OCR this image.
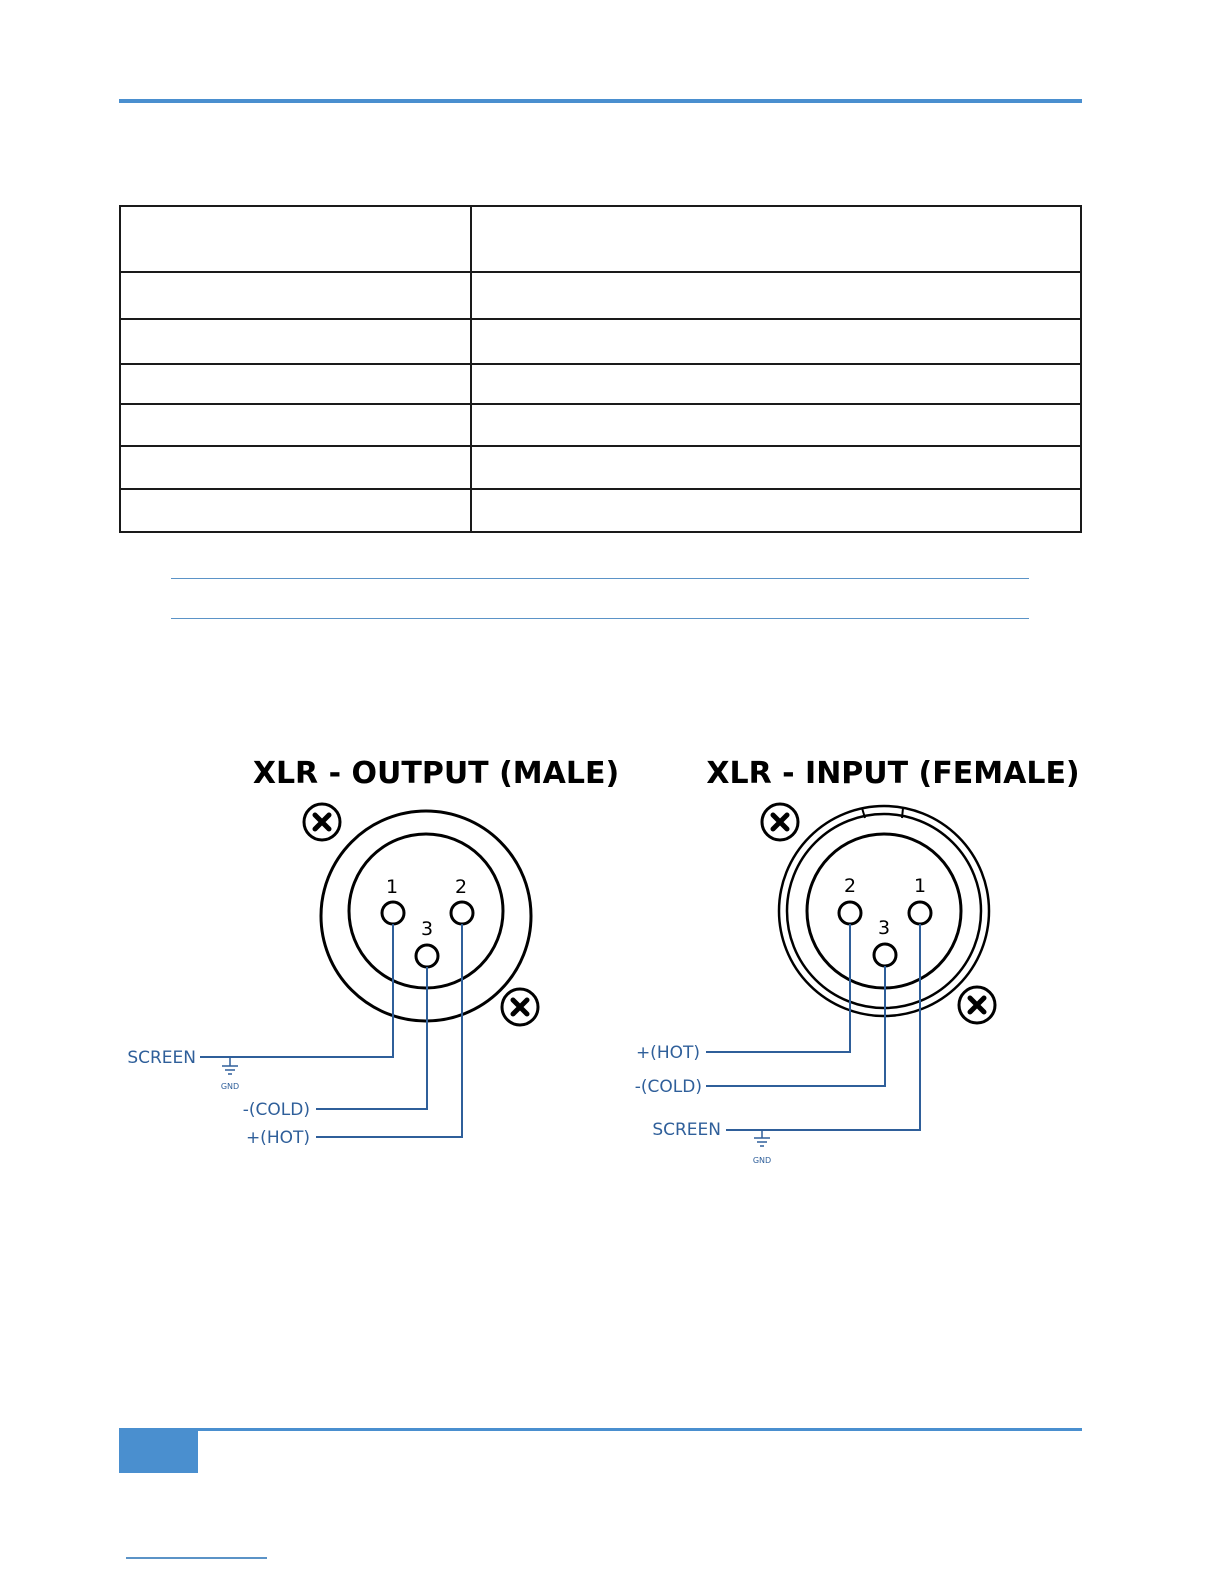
XLR - OUTPUT (MALE)
1	2
3
SCREEN
GND
-(COLD)
+(HOT)
XLR - INPUT (FEMALE)
2	1
3
+(HOT)
-(COLD)
SCREEN
GND
